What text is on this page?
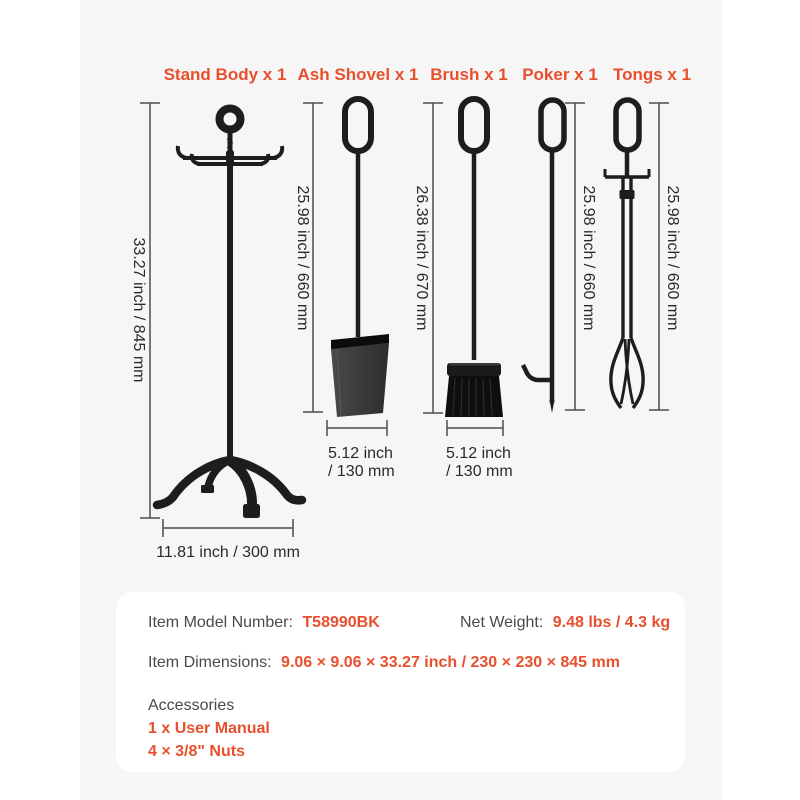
Stand Body x 1 Ash Shovel x 1 Brush x 1 Poker x 1 Tongs x 1
33.27 inch / 845 mm
11.81 inch / 300 mm
25.98 inch / 660 mm
5.12 inch
/ 130 mm
26.38 inch / 670 mm
5.12 inch
/ 130 mm
25.98 inch / 660 mm	25.98 inch / 660 mm
Item Model Number: T58990BK	Net Weight: 9.48 lbs / 4.3 kg
Item Dimensions: 9.06 × 9.06 × 33.27 inch / 230 × 230 × 845 mm
Accessories
1 x User Manual
4 × 3/8" Nuts
